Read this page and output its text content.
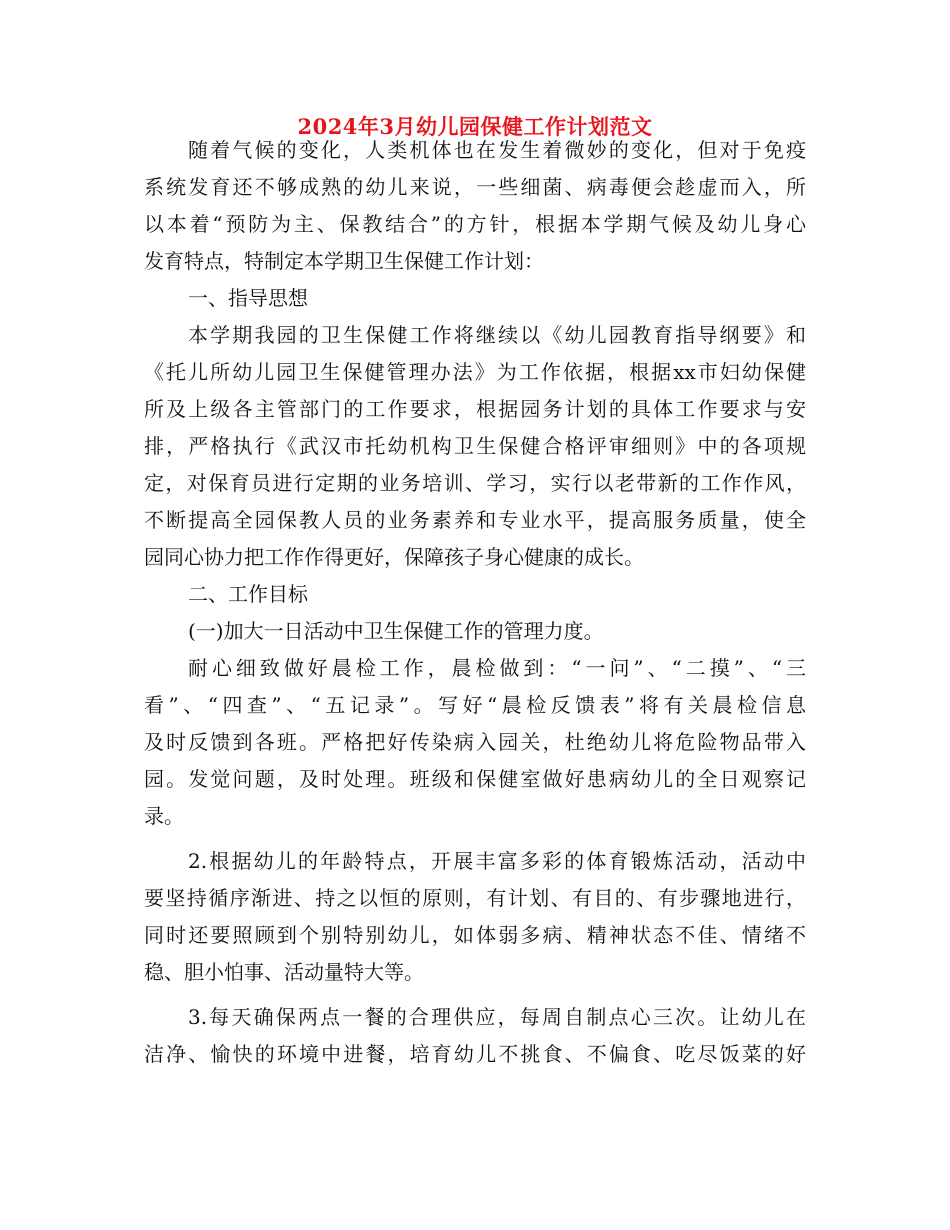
2024年3月幼儿园保健工作计划范文
随着气候的变化，人类机体也在发生着微妙的变化，但对于免疫
系统发育还不够成熟的幼儿来说，一些细菌、病毒便会趁虚而入，所
以本着“预防为主、保教结合”的方针，根据本学期气候及幼儿身心
发育特点，特制定本学期卫生保健工作计划：
一、指导思想
本学期我园的卫生保健工作将继续以《幼儿园教育指导纲要》和
《托儿所幼儿园卫生保健管理办法》为工作依据，根据xx市妇幼保健
所及上级各主管部门的工作要求，根据园务计划的具体工作要求与安
排，严格执行《武汉市托幼机构卫生保健合格评审细则》中的各项规
定，对保育员进行定期的业务培训、学习，实行以老带新的工作作风，
不断提高全园保教人员的业务素养和专业水平，提高服务质量，使全
园同心协力把工作作得更好，保障孩子身心健康的成长。
二、工作目标
(一)加大一日活动中卫生保健工作的管理力度。
耐心细致做好晨检工作，晨检做到：“一问”、“二摸”、“三
看”、“四查”、“五记录”。写好“晨检反馈表”将有关晨检信息
及时反馈到各班。严格把好传染病入园关，杜绝幼儿将危险物品带入
园。发觉问题，及时处理。班级和保健室做好患病幼儿的全日观察记
录。
2.根据幼儿的年龄特点，开展丰富多彩的体育锻炼活动，活动中
要坚持循序渐进、持之以恒的原则，有计划、有目的、有步骤地进行，
同时还要照顾到个别特别幼儿，如体弱多病、精神状态不佳、情绪不
稳、胆小怕事、活动量特大等。
3.每天确保两点一餐的合理供应，每周自制点心三次。让幼儿在
洁净、愉快的环境中进餐，培育幼儿不挑食、不偏食、吃尽饭菜的好
